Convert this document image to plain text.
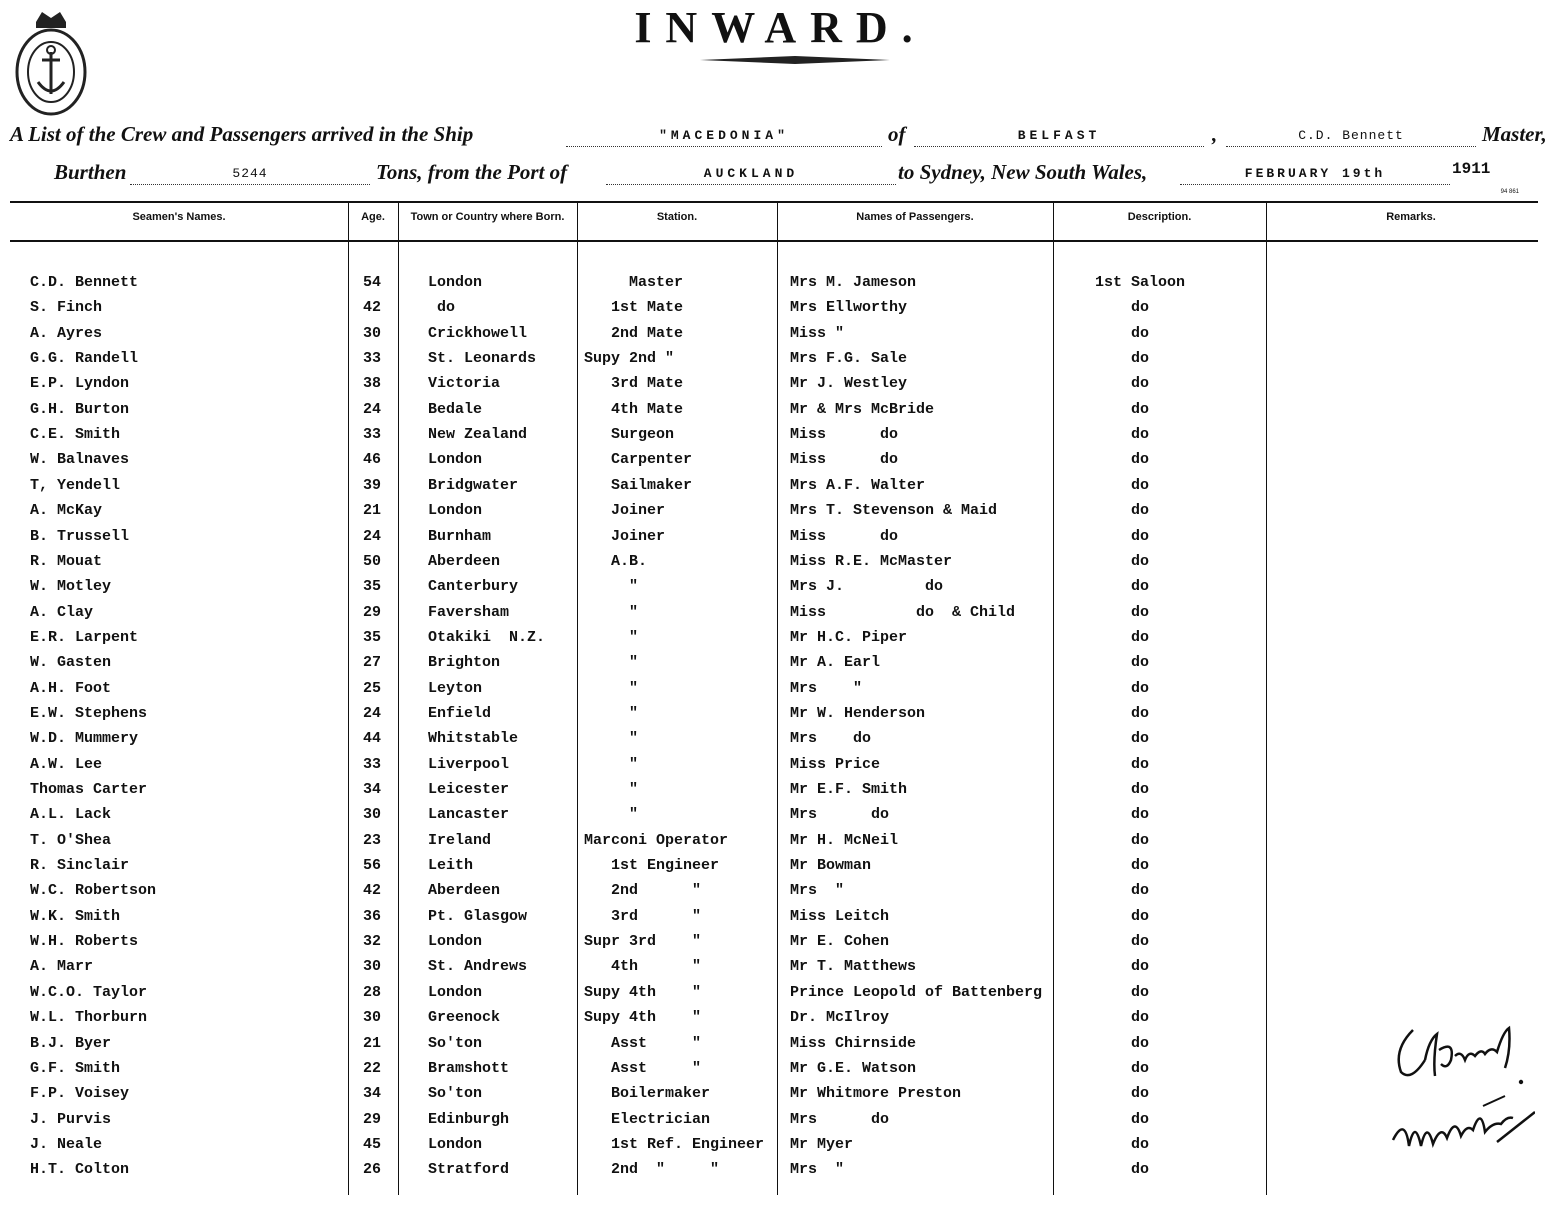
INWARD.
A List of the Crew and Passengers arrived in the Ship	"MACEDONIA"	of	BELFAST	,	C.D. Bennett	Master,
Burthen	5244	Tons, from the Port of	AUCKLAND	to Sydney, New South Wales,	FEBRUARY 19th	1911
94 861
Seamen's Names.	Age.	Town or Country where Born.	Station.	Names of Passengers.	Description.	Remarks.
C.D. Bennett	54	London	Master	Mrs M. Jameson	1st Saloon
S. Finch	42	do	1st Mate	Mrs Ellworthy	do
A. Ayres	30	Crickhowell	2nd Mate	Miss "	do
G.G. Randell	33	St. Leonards	Supy 2nd "	Mrs F.G. Sale	do
E.P. Lyndon	38	Victoria	3rd Mate	Mr J. Westley	do
G.H. Burton	24	Bedale	4th Mate	Mr & Mrs McBride	do
C.E. Smith	33	New Zealand	Surgeon	Miss      do	do
W. Balnaves	46	London	Carpenter	Miss      do	do
T, Yendell	39	Bridgwater	Sailmaker	Mrs A.F. Walter	do
A. McKay	21	London	Joiner	Mrs T. Stevenson & Maid	do
B. Trussell	24	Burnham	Joiner	Miss      do	do
R. Mouat	50	Aberdeen	A.B.	Miss R.E. McMaster	do
W. Motley	35	Canterbury	"	Mrs J.         do	do
A. Clay	29	Faversham	"	Miss          do  & Child	do
E.R. Larpent	35	Otakiki  N.Z.	"	Mr H.C. Piper	do
W. Gasten	27	Brighton	"	Mr A. Earl	do
A.H. Foot	25	Leyton	"	Mrs    "	do
E.W. Stephens	24	Enfield	"	Mr W. Henderson	do
W.D. Mummery	44	Whitstable	"	Mrs    do	do
A.W. Lee	33	Liverpool	"	Miss Price	do
Thomas Carter	34	Leicester	"	Mr E.F. Smith	do
A.L. Lack	30	Lancaster	"	Mrs      do	do
T. O'Shea	23	Ireland	Marconi Operator	Mr H. McNeil	do
R. Sinclair	56	Leith	1st Engineer	Mr Bowman	do
W.C. Robertson	42	Aberdeen	2nd      "	Mrs  "	do
W.K. Smith	36	Pt. Glasgow	3rd      "	Miss Leitch	do
W.H. Roberts	32	London	Supr 3rd    "	Mr E. Cohen	do
A. Marr	30	St. Andrews	4th      "	Mr T. Matthews	do
W.C.O. Taylor	28	London	Supy 4th    "	Prince Leopold of Battenberg	do
W.L. Thorburn	30	Greenock	Supy 4th    "	Dr. McIlroy	do
B.J. Byer	21	So'ton	Asst     "	Miss Chirnside	do
G.F. Smith	22	Bramshott	Asst     "	Mr G.E. Watson	do
F.P. Voisey	34	So'ton	Boilermaker	Mr Whitmore Preston	do
J. Purvis	29	Edinburgh	Electrician	Mrs      do	do
J. Neale	45	London	1st Ref. Engineer	Mr Myer	do
H.T. Colton	26	Stratford	2nd  "     "	Mrs  "	do
